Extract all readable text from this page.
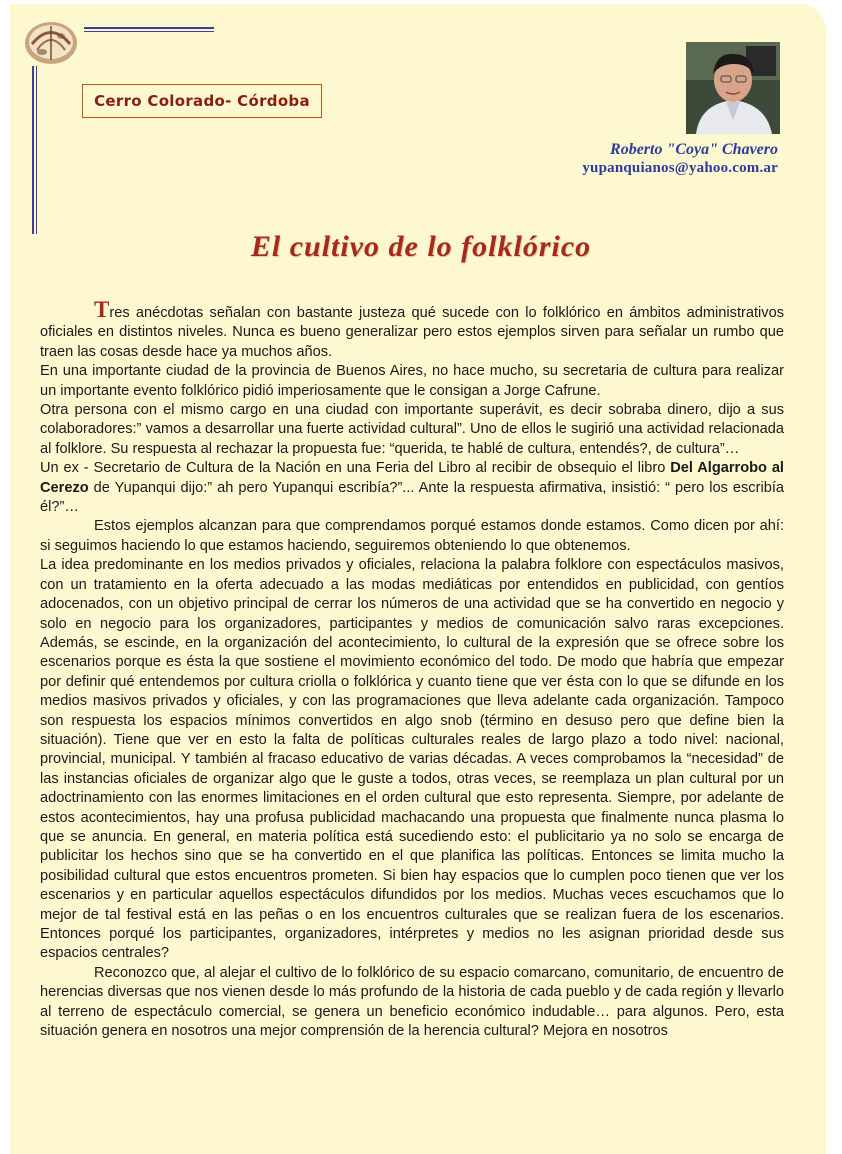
Cerro Colorado- Córdoba
Roberto "Coya" Chavero
yupanquianos@yahoo.com.ar
El cultivo de lo folklórico

Tres anécdotas señalan con bastante justeza qué sucede con lo folklórico en ámbitos administrativos oficiales en distintos niveles. Nunca es bueno generalizar pero estos ejemplos sirven para señalar un rumbo que traen las cosas desde hace ya muchos años.

En una importante ciudad de la provincia de Buenos Aires, no hace mucho, su secretaria de cultura para realizar un importante evento folklórico pidió imperiosamente que le consigan a Jorge Cafrune.

Otra persona con el mismo cargo en una ciudad con importante superávit, es decir sobraba dinero, dijo a sus colaboradores:” vamos a desarrollar una fuerte actividad cultural”. Uno de ellos le sugirió una actividad relacionada al folklore. Su respuesta al rechazar la propuesta fue: “querida, te hablé de cultura, entendés?, de cultura”…

Un ex - Secretario de Cultura de la Nación en una Feria del Libro al recibir de obsequio el libro Del Algarrobo al Cerezo de Yupanqui dijo:” ah pero Yupanqui escribía?”... Ante la respuesta afirmativa, insistió: “ pero los escribía él?”…

Estos ejemplos alcanzan para que comprendamos porqué estamos donde estamos. Como dicen por ahí: si seguimos haciendo lo que estamos haciendo, seguiremos obteniendo lo que obtenemos.

La idea predominante en los medios privados y oficiales, relaciona la palabra folklore con espectáculos masivos, con un tratamiento en la oferta adecuado a las modas mediáticas por entendidos en publicidad, con gentíos adocenados, con un objetivo principal de cerrar los números de una actividad que se ha convertido en negocio y solo en negocio para los organizadores, participantes y medios de comunicación salvo raras excepciones. Además, se escinde, en la organización del acontecimiento, lo cultural de la expresión que se ofrece sobre los escenarios porque es ésta la que sostiene el movimiento económico del todo. De modo que habría que empezar por definir qué entendemos por cultura criolla o folklórica y cuanto tiene que ver ésta con lo que se difunde en los medios masivos privados y oficiales, y con las programaciones que lleva adelante cada organización. Tampoco son respuesta los espacios mínimos convertidos en algo snob (término en desuso pero que define bien la situación). Tiene que ver en esto la falta de políticas culturales reales de largo plazo a todo nivel: nacional, provincial, municipal. Y también al fracaso educativo de varias décadas. A veces comprobamos la “necesidad” de las instancias oficiales de organizar algo que le guste a todos, otras veces, se reemplaza un plan cultural por un adoctrinamiento con las enormes limitaciones en el orden cultural que esto representa. Siempre, por adelante de estos acontecimientos, hay una profusa publicidad machacando una propuesta que finalmente nunca plasma lo que se anuncia. En general, en materia política está sucediendo esto: el publicitario ya no solo se encarga de publicitar los hechos sino que se ha convertido en el que planifica las políticas. Entonces se limita mucho la posibilidad cultural que estos encuentros prometen. Si bien hay espacios que lo cumplen poco tienen que ver los escenarios y en particular aquellos espectáculos difundidos por los medios. Muchas veces escuchamos que lo mejor de tal festival está en las peñas o en los encuentros culturales que se realizan fuera de los escenarios. Entonces porqué los participantes, organizadores, intérpretes y medios no les asignan prioridad desde sus espacios centrales?

Reconozco que, al alejar el cultivo de lo folklórico de su espacio comarcano, comunitario, de encuentro de herencias diversas que nos vienen desde lo más profundo de la historia de cada pueblo y de cada región y llevarlo al terreno de espectáculo comercial, se genera un beneficio económico indudable… para algunos. Pero, esta situación genera en nosotros una mejor comprensión de la herencia cultural? Mejora en nosotros
